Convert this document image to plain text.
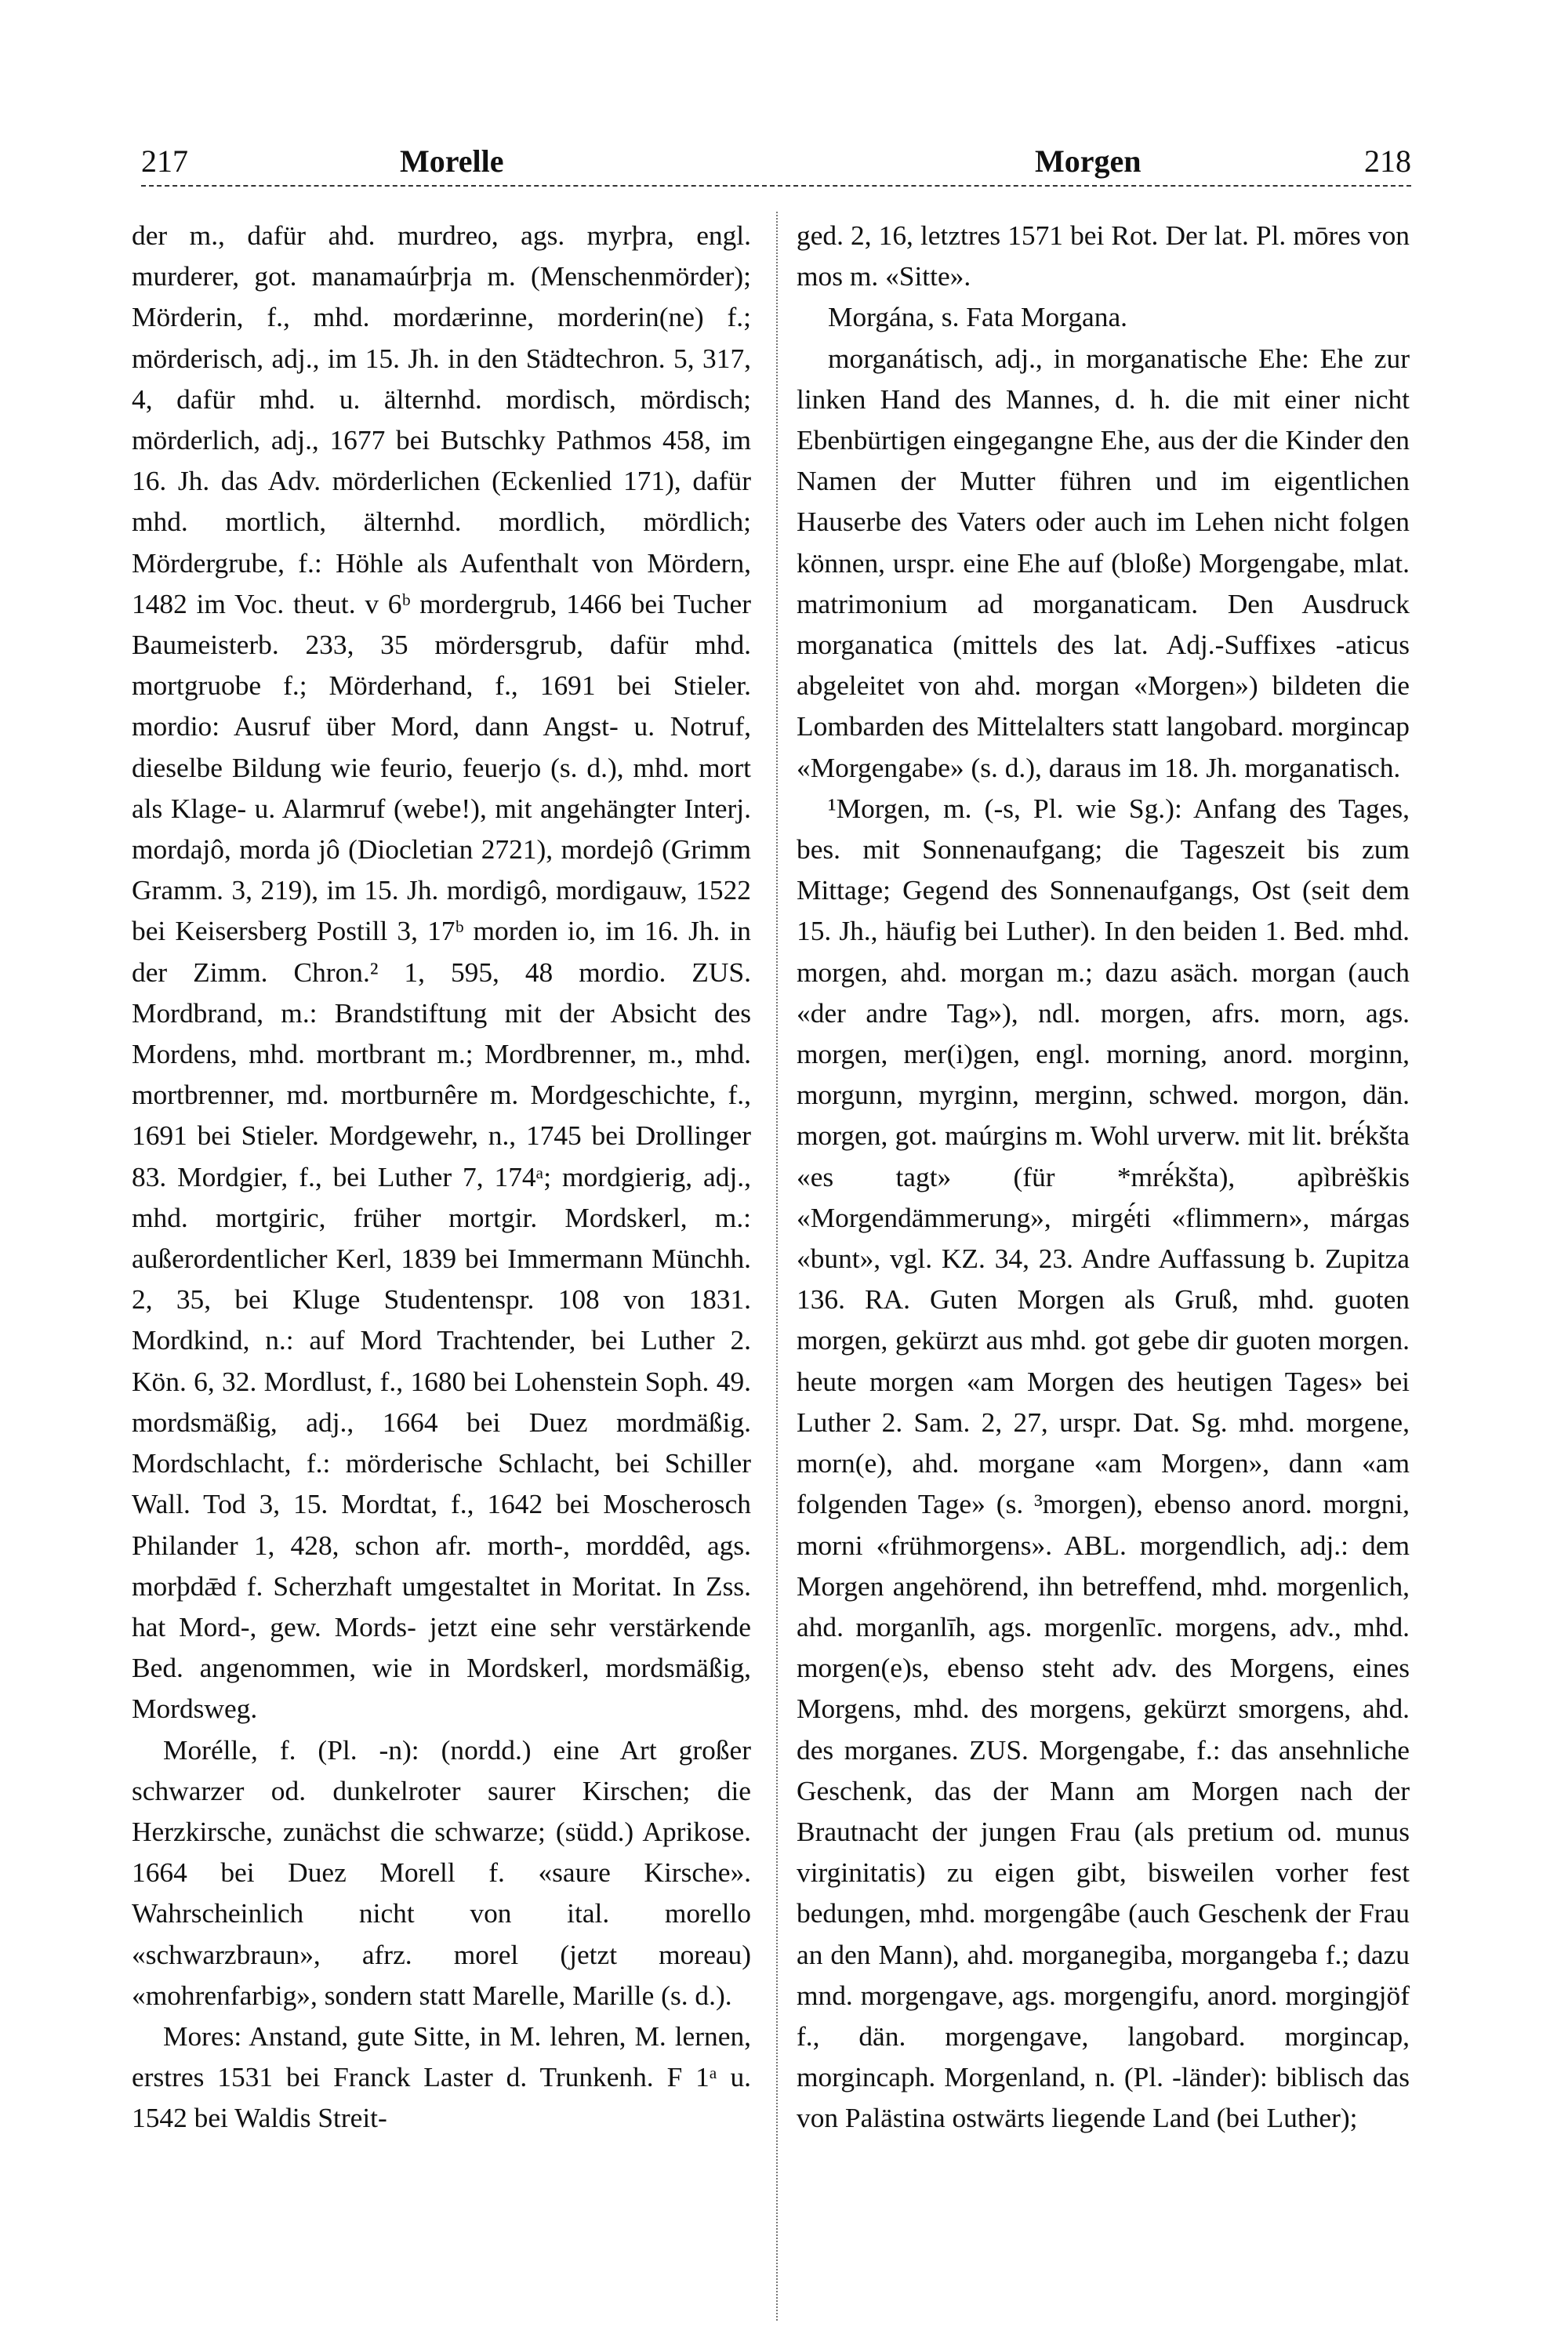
217	Morelle	Morgen	218

der m., dafür ahd. murdreo, ags. myrþra, engl. murderer, got. manamaúrþrja m. (Menschenmörder); Mörderin, f., mhd. mordærinne, morderin(ne) f.; mörderisch, adj., im 15. Jh. in den Städtechron. 5, 317, 4, dafür mhd. u. älternhd. mordisch, mördisch; mörderlich, adj., 1677 bei Butschky Pathmos 458, im 16. Jh. das Adv. mörderlichen (Eckenlied 171), dafür mhd. mortlich, älternhd. mordlich, mördlich; Mördergrube, f.: Höhle als Aufenthalt von Mördern, 1482 im Voc. theut. v 6ᵇ mordergrub, 1466 bei Tucher Baumeisterb. 233, 35 mördersgrub, dafür mhd. mortgruobe f.; Mörderhand, f., 1691 bei Stieler. mordio: Ausruf über Mord, dann Angst- u. Notruf, dieselbe Bildung wie feurio, feuerjo (s. d.), mhd. mort als Klage- u. Alarmruf (webe!), mit angehängter Interj. mordajô, morda jô (Diocletian 2721), mordejô (Grimm Gramm. 3, 219), im 15. Jh. mordigô, mordigauw, 1522 bei Keisersberg Postill 3, 17ᵇ morden io, im 16. Jh. in der Zimm. Chron.² 1, 595, 48 mordio. ZUS. Mordbrand, m.: Brandstiftung mit der Absicht des Mordens, mhd. mortbrant m.; Mordbrenner, m., mhd. mortbrenner, md. mortburnêre m. Mordgeschichte, f., 1691 bei Stieler. Mordgewehr, n., 1745 bei Drollinger 83. Mordgier, f., bei Luther 7, 174ᵃ; mordgierig, adj., mhd. mortgiric, früher mortgir. Mordskerl, m.: außerordentlicher Kerl, 1839 bei Immermann Münchh. 2, 35, bei Kluge Studentenspr. 108 von 1831. Mordkind, n.: auf Mord Trachtender, bei Luther 2. Kön. 6, 32. Mordlust, f., 1680 bei Lohenstein Soph. 49. mordsmäßig, adj., 1664 bei Duez mordmäßig. Mordschlacht, f.: mörderische Schlacht, bei Schiller Wall. Tod 3, 15. Mordtat, f., 1642 bei Moscherosch Philander 1, 428, schon afr. morth-, morddêd, ags. morþdǣd f. Scherzhaft umgestaltet in Moritat. In Zss. hat Mord-, gew. Mords- jetzt eine sehr verstärkende Bed. angenommen, wie in Mordskerl, mordsmäßig, Mordsweg.

Morélle, f. (Pl. -n): (nordd.) eine Art großer schwarzer od. dunkelroter saurer Kirschen; die Herzkirsche, zunächst die schwarze; (südd.) Aprikose. 1664 bei Duez Morell f. «saure Kirsche». Wahrscheinlich nicht von ital. morello «schwarzbraun», afrz. morel (jetzt moreau) «mohrenfarbig», sondern statt Marelle, Marille (s. d.).

Mores: Anstand, gute Sitte, in M. lehren, M. lernen, erstres 1531 bei Franck Laster d. Trunkenh. F 1ᵃ u. 1542 bei Waldis Streit-

ged. 2, 16, letztres 1571 bei Rot. Der lat. Pl. mōres von mos m. «Sitte».

Morgána, s. Fata Morgana.

morganátisch, adj., in morganatische Ehe: Ehe zur linken Hand des Mannes, d. h. die mit einer nicht Ebenbürtigen eingegangne Ehe, aus der die Kinder den Namen der Mutter führen und im eigentlichen Hauserbe des Vaters oder auch im Lehen nicht folgen können, urspr. eine Ehe auf (bloße) Morgengabe, mlat. matrimonium ad morganaticam. Den Ausdruck morganatica (mittels des lat. Adj.-Suffixes -aticus abgeleitet von ahd. morgan «Morgen») bildeten die Lombarden des Mittelalters statt langobard. morgincap «Morgengabe» (s. d.), daraus im 18. Jh. morganatisch.

¹Morgen, m. (-s, Pl. wie Sg.): Anfang des Tages, bes. mit Sonnenaufgang; die Tageszeit bis zum Mittage; Gegend des Sonnenaufgangs, Ost (seit dem 15. Jh., häufig bei Luther). In den beiden 1. Bed. mhd. morgen, ahd. morgan m.; dazu asäch. morgan (auch «der andre Tag»), ndl. morgen, afrs. morn, ags. morgen, mer(i)gen, engl. morning, anord. morginn, morgunn, myrginn, merginn, schwed. morgon, dän. morgen, got. maúrgins m. Wohl urverw. mit lit. brė́kšta «es tagt» (für *mrė́kšta), apìbrėškis «Morgendämmerung», mirgė́ti «flimmern», márgas «bunt», vgl. KZ. 34, 23. Andre Auffassung b. Zupitza 136. RA. Guten Morgen als Gruß, mhd. guoten morgen, gekürzt aus mhd. got gebe dir guoten morgen. heute morgen «am Morgen des heutigen Tages» bei Luther 2. Sam. 2, 27, urspr. Dat. Sg. mhd. morgene, morn(e), ahd. morgane «am Morgen», dann «am folgenden Tage» (s. ³morgen), ebenso anord. morgni, morni «frühmorgens». ABL. morgendlich, adj.: dem Morgen angehörend, ihn betreffend, mhd. morgenlich, ahd. morganlīh, ags. morgenlīc. morgens, adv., mhd. morgen(e)s, ebenso steht adv. des Morgens, eines Morgens, mhd. des morgens, gekürzt smorgens, ahd. des morganes. ZUS. Morgengabe, f.: das ansehnliche Geschenk, das der Mann am Morgen nach der Brautnacht der jungen Frau (als pretium od. munus virginitatis) zu eigen gibt, bisweilen vorher fest bedungen, mhd. morgengâbe (auch Geschenk der Frau an den Mann), ahd. morganegiba, morgangeba f.; dazu mnd. morgengave, ags. morgengifu, anord. morgingjöf f., dän. morgengave, langobard. morgincap, morgincaph. Morgenland, n. (Pl. -länder): biblisch das von Palästina ostwärts liegende Land (bei Luther);
